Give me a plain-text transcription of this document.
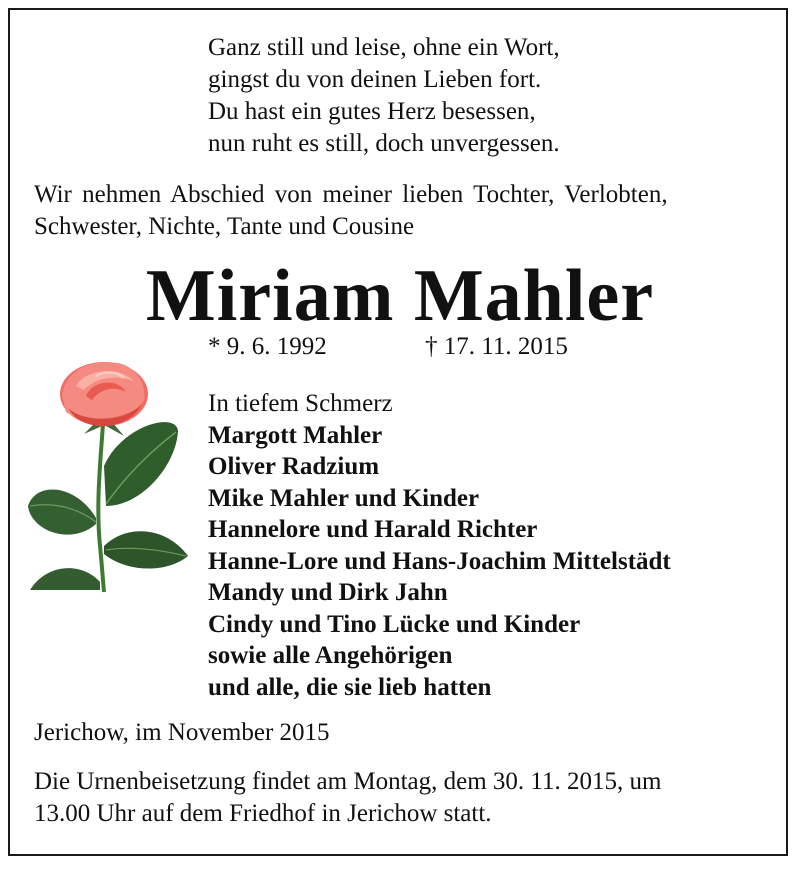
Ganz still und leise, ohne ein Wort,
gingst du von deinen Lieben fort.
Du hast ein gutes Herz besessen,
nun ruht es still, doch unvergessen.
Wir nehmen Abschied von meiner lieben Tochter, Verlobten,
Schwester, Nichte, Tante und Cousine
Miriam Mahler
* 9. 6. 1992	† 17. 11. 2015
In tiefem Schmerz
Margott Mahler
Oliver Radzium
Mike Mahler und Kinder
Hannelore und Harald Richter
Hanne-Lore und Hans-Joachim Mittelstädt
Mandy und Dirk Jahn
Cindy und Tino Lücke und Kinder
sowie alle Angehörigen
und alle, die sie lieb hatten
Jerichow, im November 2015
Die Urnenbeisetzung findet am Montag, dem 30. 11. 2015, um
13.00 Uhr auf dem Friedhof in Jerichow statt.
